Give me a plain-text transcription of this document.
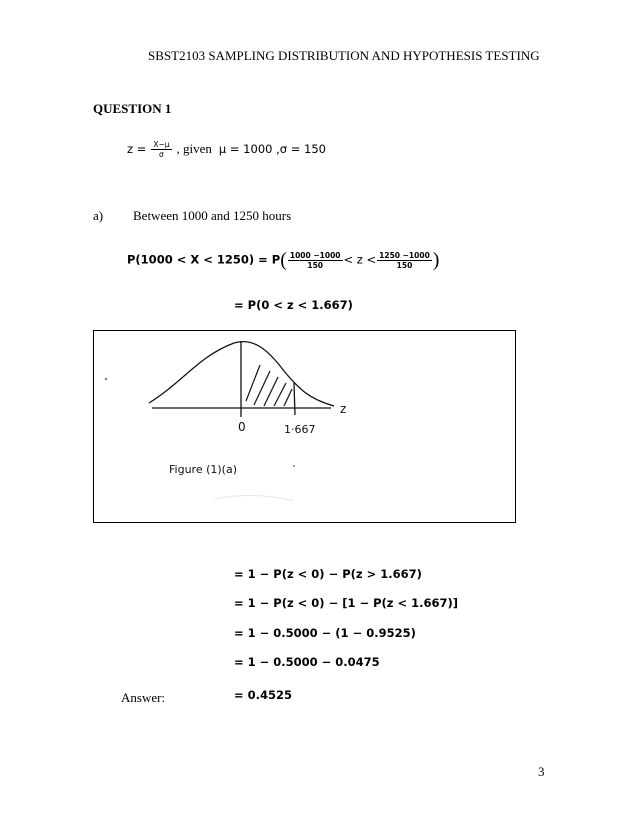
SBST2103 SAMPLING DISTRIBUTION AND HYPOTHESIS TESTING
QUESTION 1
$z = \frac{X-\mu}{\sigma}$ , given μ = 1000 ,σ = 150
a) Between 1000 and 1250 hours
$P(1000 < X < 1250) = P( \frac{1000 -1000}{150} < z < \frac{1250 -1000}{150}$ )
= P(0 < z < 1.667)
z
0	1·667
Figure (1)(a)
= 1 − P(z < 0) − P(z > 1.667)
= 1 − P(z < 0) − [1 − P(z < 1.667)]
= 1 − 0.5000 − (1 − 0.9525)
= 1 − 0.5000 − 0.0475
Answer:	= 0.4525
3
